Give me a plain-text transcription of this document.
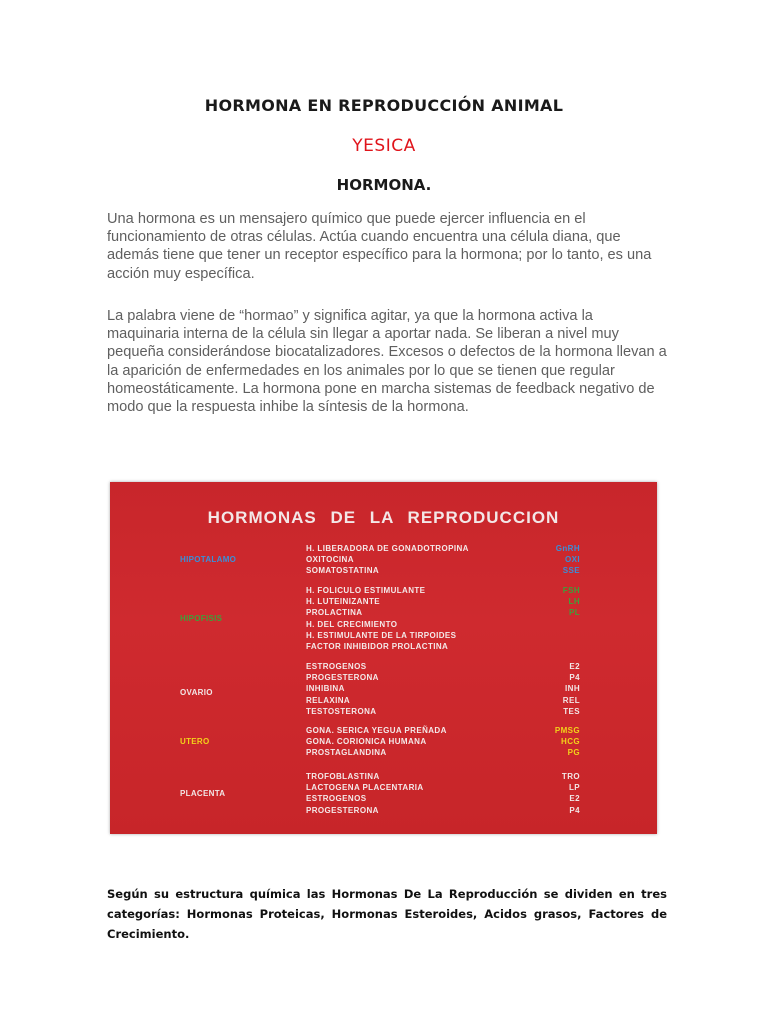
HORMONA EN REPRODUCCIÓN ANIMAL
YESICA
HORMONA.

Una hormona es un mensajero químico que puede ejercer influencia en el funcionamiento de otras células. Actúa cuando encuentra una célula diana, que además tiene que tener un receptor específico para la hormona; por lo tanto, es una acción muy específica.

La palabra viene de “hormao” y significa agitar, ya que la hormona activa la maquinaria interna de la célula sin llegar a aportar nada. Se liberan a nivel muy pequeña considerándose biocatalizadores. Excesos o defectos de la hormona llevan a la aparición de enfermedades en los animales por lo que se tienen que regular homeostáticamente. La hormona pone en marcha sistemas de feedback negativo de modo que la respuesta inhibe la síntesis de la hormona.

HORMONAS DE LA REPRODUCCION
HIPOTALAMO
H. LIBERADORA DE GONADOTROPINA	GnRH
OXITOCINA	OXI
SOMATOSTATINA	SSE
HIPOFISIS
H. FOLICULO ESTIMULANTE	FSH
H. LUTEINIZANTE	LH
PROLACTINA	PL
H. DEL CRECIMIENTO
H. ESTIMULANTE DE LA TIRPOIDES
FACTOR INHIBIDOR PROLACTINA
OVARIO
ESTROGENOS	E2
PROGESTERONA	P4
INHIBINA	INH
RELAXINA	REL
TESTOSTERONA	TES
UTERO
GONA. SERICA YEGUA PREÑADA	PMSG
GONA. CORIONICA HUMANA	HCG
PROSTAGLANDINA	PG
PLACENTA
TROFOBLASTINA	TRO
LACTOGENA PLACENTARIA	LP
ESTROGENOS	E2
PROGESTERONA	P4

Según su estructura química las Hormonas De La Reproducción se dividen en tres categorías: Hormonas Proteicas, Hormonas Esteroides, Acidos grasos, Factores de Crecimiento.
